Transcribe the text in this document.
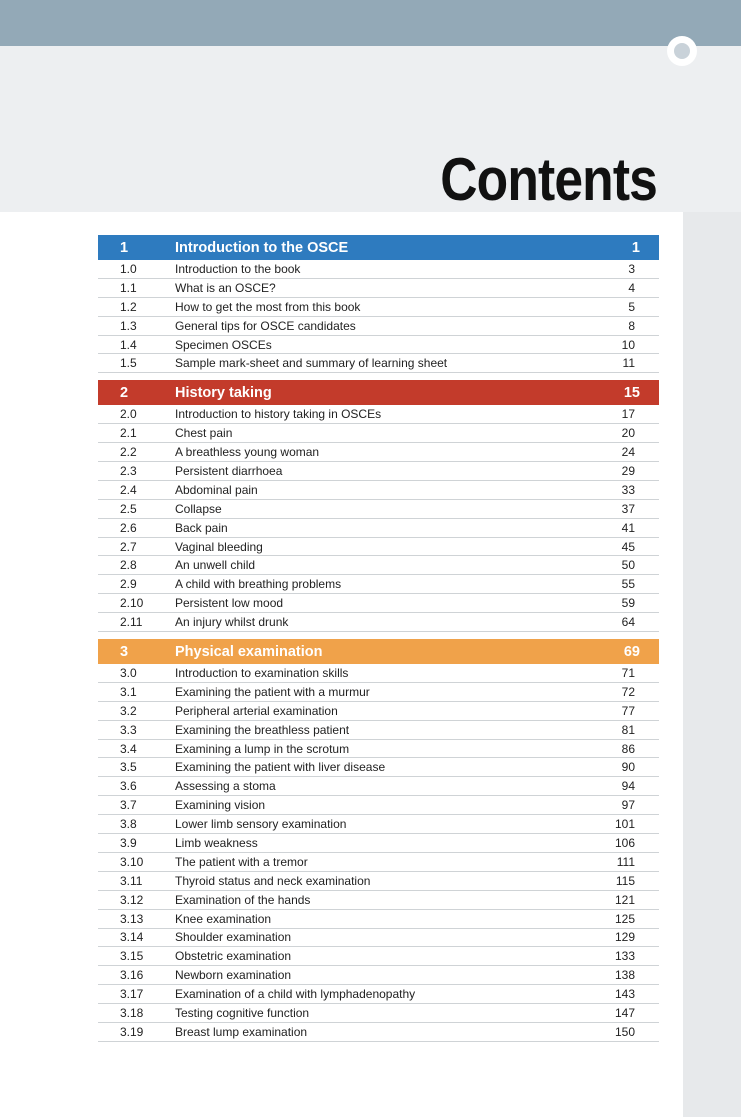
Contents
1	Introduction to the OSCE	1
1.0	Introduction to the book	3
1.1	What is an OSCE?	4
1.2	How to get the most from this book	5
1.3	General tips for OSCE candidates	8
1.4	Specimen OSCEs	10
1.5	Sample mark-sheet and summary of learning sheet	11
2	History taking	15
2.0	Introduction to history taking in OSCEs	17
2.1	Chest pain	20
2.2	A breathless young woman	24
2.3	Persistent diarrhoea	29
2.4	Abdominal pain	33
2.5	Collapse	37
2.6	Back pain	41
2.7	Vaginal bleeding	45
2.8	An unwell child	50
2.9	A child with breathing problems	55
2.10	Persistent low mood	59
2.11	An injury whilst drunk	64
3	Physical examination	69
3.0	Introduction to examination skills	71
3.1	Examining the patient with a murmur	72
3.2	Peripheral arterial examination	77
3.3	Examining the breathless patient	81
3.4	Examining a lump in the scrotum	86
3.5	Examining the patient with liver disease	90
3.6	Assessing a stoma	94
3.7	Examining vision	97
3.8	Lower limb sensory examination	101
3.9	Limb weakness	106
3.10	The patient with a tremor	111
3.11	Thyroid status and neck examination	115
3.12	Examination of the hands	121
3.13	Knee examination	125
3.14	Shoulder examination	129
3.15	Obstetric examination	133
3.16	Newborn examination	138
3.17	Examination of a child with lymphadenopathy	143
3.18	Testing cognitive function	147
3.19	Breast lump examination	150
